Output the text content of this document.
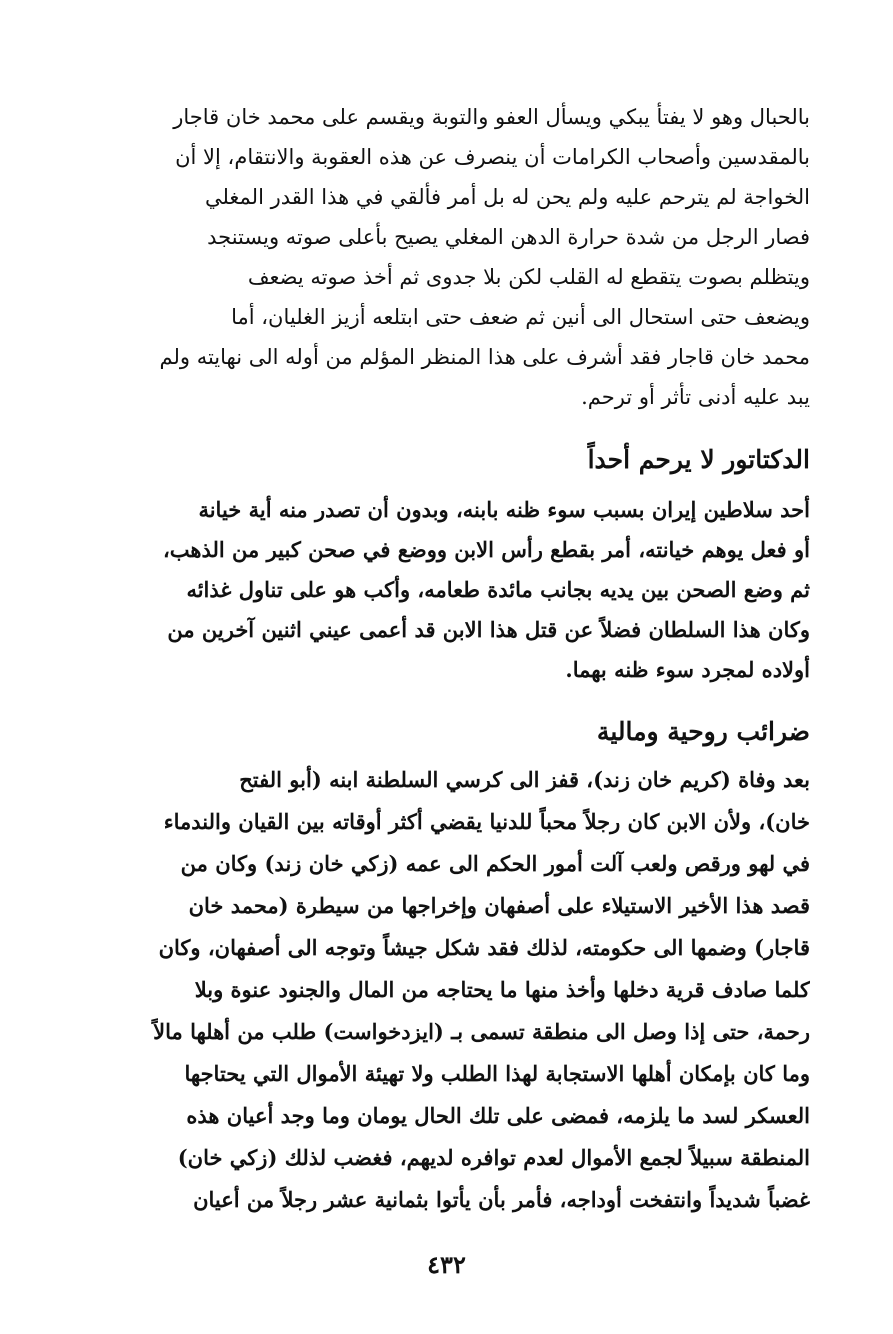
بالحبال وهو لا يفتأ يبكي ويسأل العفو والتوبة ويقسم على محمد خان قاجار
بالمقدسين وأصحاب الكرامات أن ينصرف عن هذه العقوبة والانتقام، إلا أن
الخواجة لم يترحم عليه ولم يحن له بل أمر فألقي في هذا القدر المغلي
فصار الرجل من شدة حرارة الدهن المغلي يصيح بأعلى صوته ويستنجد
ويتظلم بصوت يتقطع له القلب لكن بلا جدوى ثم أخذ صوته يضعف
ويضعف حتى استحال الى أنين ثم ضعف حتى ابتلعه أزيز الغليان، أما
محمد خان قاجار فقد أشرف على هذا المنظر المؤلم من أوله الى نهايته ولم
يبد عليه أدنى تأثر أو ترحم.
الدكتاتور لا يرحم أحداً
أحد سلاطين إيران بسبب سوء ظنه بابنه، وبدون أن تصدر منه أية خيانة
أو فعل يوهم خيانته، أمر بقطع رأس الابن ووضع في صحن كبير من الذهب،
ثم وضع الصحن بين يديه بجانب مائدة طعامه، وأكب هو على تناول غذائه
وكان هذا السلطان فضلاً عن قتل هذا الابن قد أعمى عيني اثنين آخرين من
أولاده لمجرد سوء ظنه بهما.
ضرائب روحية ومالية
بعد وفاة (كريم خان زند)، قفز الى كرسي السلطنة ابنه (أبو الفتح
خان)، ولأن الابن كان رجلاً محباً للدنيا يقضي أكثر أوقاته بين القيان والندماء
في لهو ورقص ولعب آلت أمور الحكم الى عمه (زكي خان زند) وكان من
قصد هذا الأخير الاستيلاء على أصفهان وإخراجها من سيطرة (محمد خان
قاجار) وضمها الى حكومته، لذلك فقد شكل جيشاً وتوجه الى أصفهان، وكان
كلما صادف قرية دخلها وأخذ منها ما يحتاجه من المال والجنود عنوة وبلا
رحمة، حتى إذا وصل الى منطقة تسمى بـ (ايزدخواست) طلب من أهلها مالاً
وما كان بإمكان أهلها الاستجابة لهذا الطلب ولا تهيئة الأموال التي يحتاجها
العسكر لسد ما يلزمه، فمضى على تلك الحال يومان وما وجد أعيان هذه
المنطقة سبيلاً لجمع الأموال لعدم توافره لديهم، فغضب لذلك (زكي خان)
غضباً شديداً وانتفخت أوداجه، فأمر بأن يأتوا بثمانية عشر رجلاً من أعيان
٤٣٢
